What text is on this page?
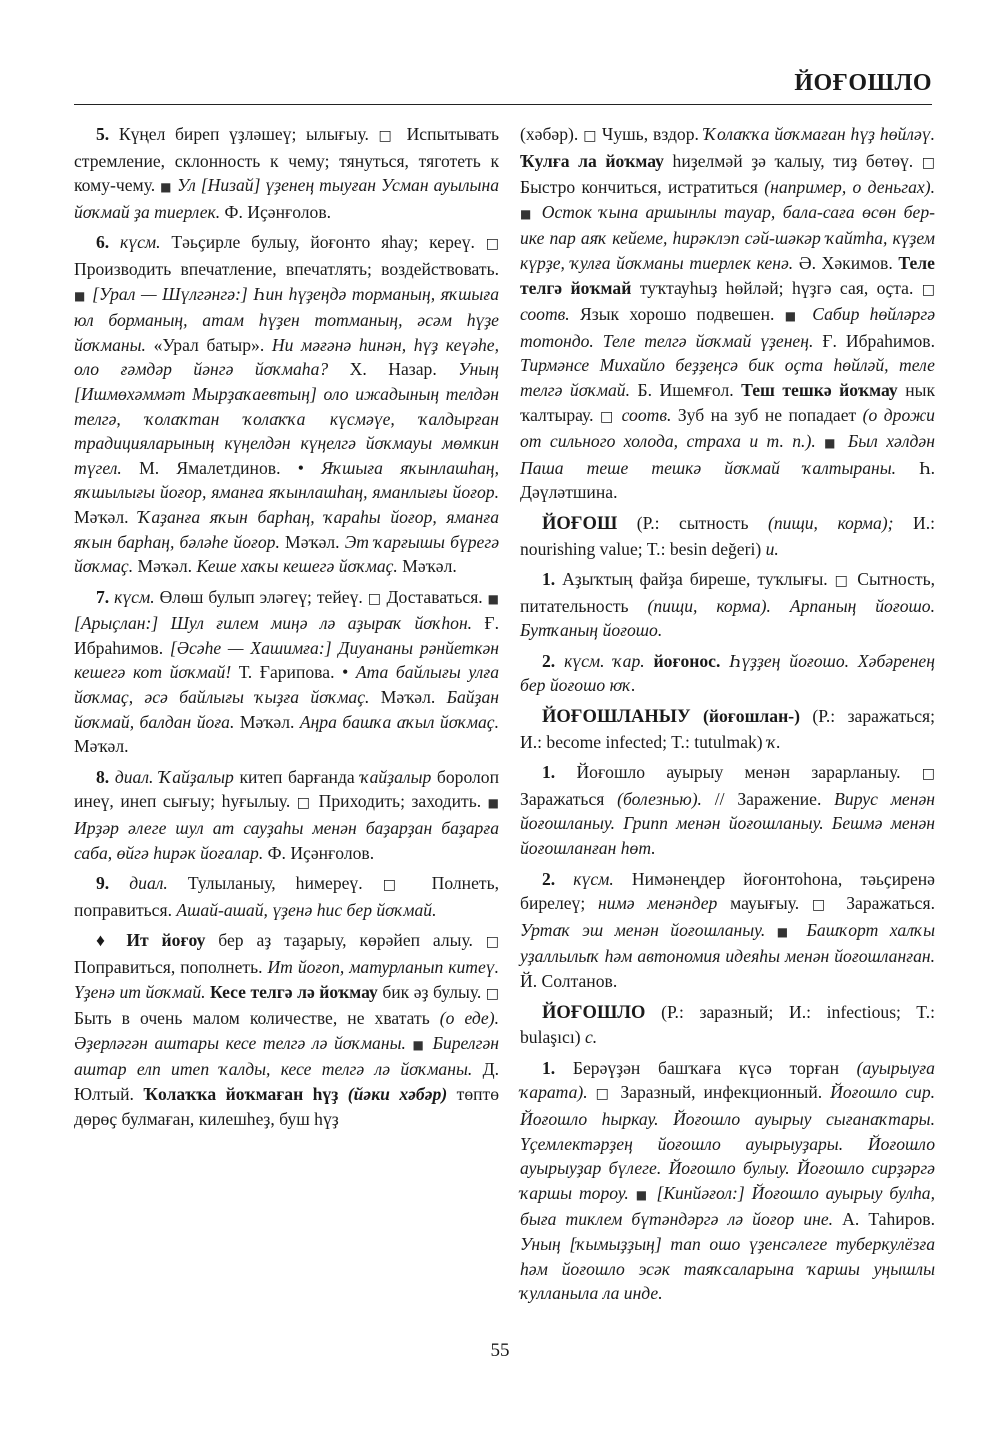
ЙОҒОШЛО

5. Күңел биреп үҙләшеү; ылығыу. □ Испытывать стремление, склонность к чему; тянуться, тяготеть к кому-чему. ■ Ул [Низай] үҙенең тыуған Усман ауылына йоҡмай ҙа тиерлек. Ф. Иҫәнғолов.

6. күсм. Тәьҫирле булыу, йоғонто яһау; кереү. □ Производить впечатление, впечатлять; воздействовать. ■ [Урал — Шүлгәнгә:] Һин һүҙеңдә торманың, яҡшыға юл борманың, атам һүҙен тотманың, әсәм һүҙе йоҡманы. «Урал батыр». Ни мәғәнә һинән, һүҙ кеүәһе, оло ғәмдәр йәнгә йоҡмаһа? Х. Назар. Уның [Ишмөхәммәт Мырҙаҡаевтың] оло ижадының телдән телгә, ҡолаҡтан ҡолаҡҡа күсмәүе, ҡалдырған традицияларының күңелдән күңелгә йоҡмауы мөмкин түгел. М. Ямалетдинов. • Яҡшыға яҡынлашһаң, яҡшылығы йоғор, яманға яҡынлашһаң, яманлығы йоғор. Мәҡәл. Ҡаҙанға яҡын барһаң, ҡараһы йоғор, яманға яҡын барһаң, бәләһе йоғор. Мәҡәл. Эт ҡарғышы бүрегә йоҡмаҫ. Мәҡәл. Кеше хаҡы кешегә йоҡмаҫ. Мәҡәл.

7. күсм. Өлөш булып эләгеү; тейеү. □ Доставаться. ■ [Арыҫлан:] Шул ғилем миңә лә аҙыраҡ йоҡһон. Ғ. Ибраһимов. [Әсәһе — Хашимға:] Диуананы рәнйеткән кешегә кот йоҡмай! Т. Ғарипова. • Ата байлығы улға йоҡмаҫ, әсә байлығы ҡыҙға йоҡмаҫ. Мәҡәл. Байҙан йоҡмай, балдан йоға. Мәҡәл. Аңра башҡа аҡыл йоҡмаҫ. Мәҡәл.

8. диал. Ҡайҙалыр китеп барғанда ҡайҙалыр боролоп инеү, инеп сығыу; һуғылыу. □ Приходить; заходить. ■ Ирҙәр әлеге шул ат сауҙаһы менән баҙарҙан баҙарға саба, өйгә һирәк йоғалар. Ф. Иҫәнғолов.

9. диал. Тулыланыу, һимереү. □ Полнеть, поправиться. Ашай-ашай, үҙенә һис бер йоҡмай.

♦ Ит йоғоу бер аҙ таҙарыу, көрәйеп алыу. □ Поправиться, пополнеть. Ит йоғоп, матурланып китеү. Үҙенә ит йоҡмай. Кесе телгә лә йоҡмау бик әҙ булыу. □ Быть в очень малом количестве, не хватать (о еде). Әҙерләгән аштары кесе телгә лә йоҡманы. ■ Бирелгән аштар елп итеп ҡалды, кесе телгә лә йоҡманы. Д. Юлтый. Ҡолаҡҡа йоҡмаған һүҙ (йәки хәбәр) төптө дөрөҫ булмаған, килешһеҙ, буш һүҙ

(хәбәр). □ Чушь, вздор. Ҡолаҡҡа йоҡмаған һүҙ һөйләү. Ҡулға ла йоҡмау һиҙелмәй ҙә ҡалыу, тиҙ бөтөү. □ Быстро кончиться, истратиться (например, о деньгах). ■ Осток ҡына аршынлы тауар, бала-саға өсөн бер-ике пар аяҡ кейеме, һирәклэп сәй-шәкәр ҡайтһа, күҙем күрҙе, ҡулға йоҡманы тиерлек кенә. Ә. Хәкимов. Теле телгә йоҡмай туҡтауһыҙ һөйләй; һүҙгә сая, оҫта. □ соотв. Язык хорошо подвешен. ■ Сабир һөйләргә тотондо. Теле телгә йоҡмай үҙенең. Ғ. Ибраһимов. Тирмәнсе Михайло беҙҙеңсә бик оҫта һөйләй, теле телгә йоҡмай. Б. Ишемғол. Теш тешкә йоҡмау нык ҡалтырау. □ соотв. Зуб на зуб не попадает (о дрожи от сильного холода, страха и т. п.). ■ Был хәлдән Паша теше тешкә йоҡмай ҡалтыраны. Һ. Дәүләтшина.

ЙОҒОШ (Р.: сытность (пищи, корма); И.: nourishing value; T.: besin değeri) и.

1. Аҙыҡтың файҙа биреше, туҡлығы. □ Сытность, питательность (пищи, корма). Арпаның йоғошо. Бутҡаның йоғошо.

2. күсм. ҡар. йоғонос. Һүҙҙең йоғошо. Хәбәренең бер йоғошо юҡ.

ЙОҒОШЛАНЫУ (йоғошлан-) (Р.: заражаться; И.: become infected; T.: tutulmak) ҡ.

1. Йоғошло ауырыу менән зарарланыу. □ Заражаться (болезнью). // Заражение. Вирус менән йоғошланыу. Грипп менән йоғошланыу. Бешмә менән йоғошланған һөт.

2. күсм. Нимәнеңдер йоғонтоһона, тәьҫиренә бирелеү; нимә менәндер мауығыу. □ Заражаться. Уртаҡ эш менән йоғошланыу. ■ Башҡорт халҡы уҙаллылыҡ һәм автономия идеяһы менән йоғошланған. Й. Солтанов.

ЙОҒОШЛО (Р.: заразный; И.: infectious; T.: bulaşıcı) с.

1. Берәүҙән башҡаға күсә торған (ауырыуға ҡарата). □ Заразный, инфекционный. Йоғошло сир. Йоғошло һыркау. Йоғошло ауырыу сығанаҡтары. Үҫемлектәрҙең йоғошло ауырыуҙары. Йоғошло ауырыуҙар бүлеге. Йоғошло булыу. Йоғошло сирҙәргә ҡаршы тороу. ■ [Кинйәғол:] Йоғошло ауырыу булһа, быға тиклем бүтәндәргә лә йоғор ине. А. Таһиров. Уның [ҡымыҙҙың] тап ошо үҙенсәлеге туберкулёзға һәм йоғошло эсәк таяҡсаларына ҡаршы уңышлы ҡулланыла ла инде.

55
